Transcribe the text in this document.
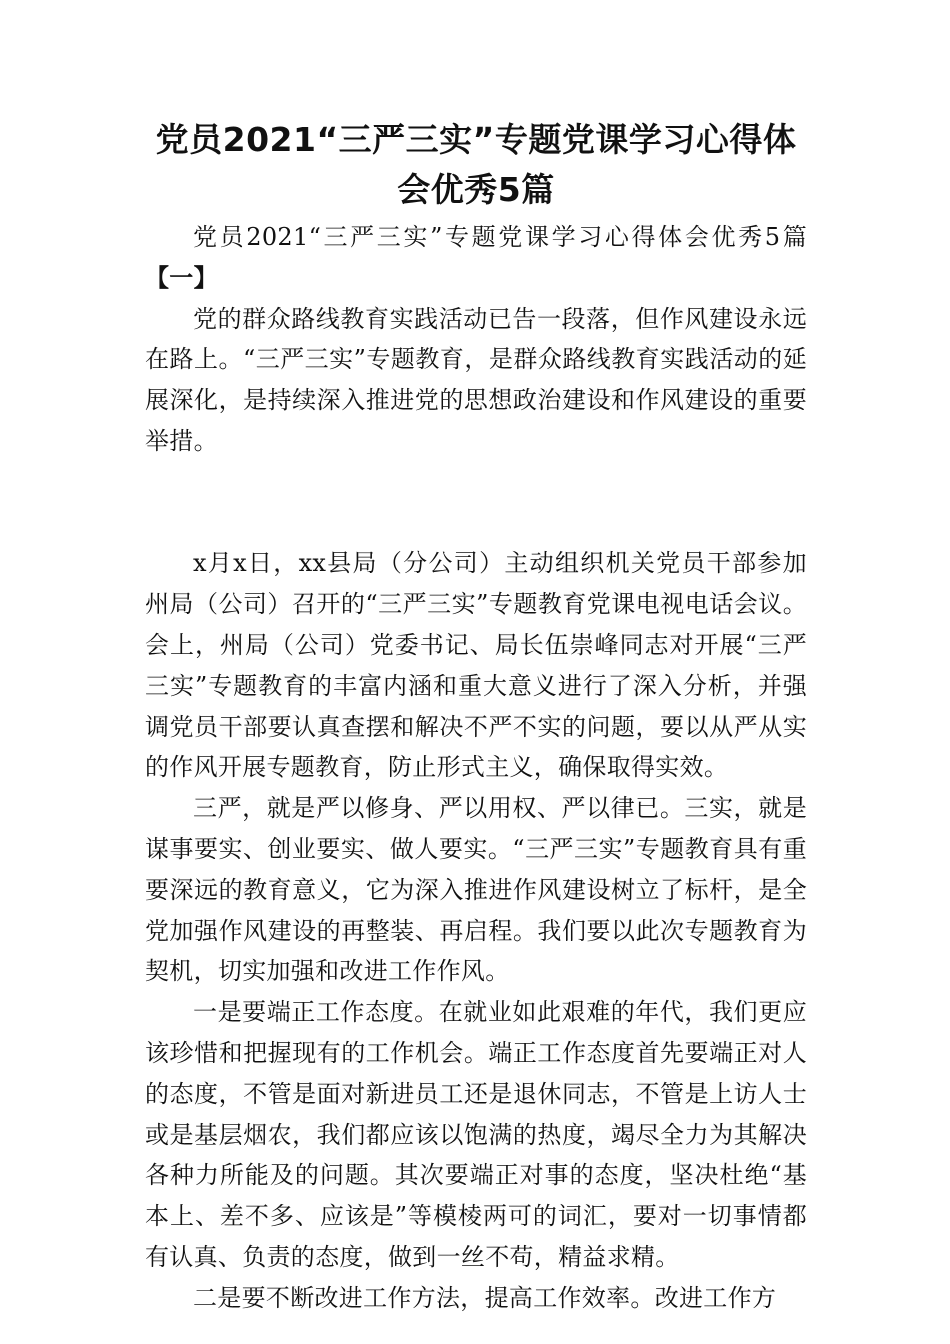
党员2021“三严三实”专题党课学习心得体会优秀5篇

党员2021“三严三实”专题党课学习心得体会优秀5篇【一】

党的群众路线教育实践活动已告一段落，但作风建设永远在路上。“三严三实”专题教育，是群众路线教育实践活动的延展深化，是持续深入推进党的思想政治建设和作风建设的重要举措。

x月x日，xx县局（分公司）主动组织机关党员干部参加州局（公司）召开的“三严三实”专题教育党课电视电话会议。会上，州局（公司）党委书记、局长伍崇峰同志对开展“三严三实”专题教育的丰富内涵和重大意义进行了深入分析，并强调党员干部要认真查摆和解决不严不实的问题，要以从严从实的作风开展专题教育，防止形式主义，确保取得实效。

三严，就是严以修身、严以用权、严以律已。三实，就是谋事要实、创业要实、做人要实。“三严三实”专题教育具有重要深远的教育意义，它为深入推进作风建设树立了标杆，是全党加强作风建设的再整装、再启程。我们要以此次专题教育为契机，切实加强和改进工作作风。

一是要端正工作态度。在就业如此艰难的年代，我们更应该珍惜和把握现有的工作机会。端正工作态度首先要端正对人的态度，不管是面对新进员工还是退休同志，不管是上访人士或是基层烟农，我们都应该以饱满的热度，竭尽全力为其解决各种力所能及的问题。其次要端正对事的态度，坚决杜绝“基本上、差不多、应该是”等模棱两可的词汇，要对一切事情都有认真、负责的态度，做到一丝不苟，精益求精。

二是要不断改进工作方法，提高工作效率。改进工作方
